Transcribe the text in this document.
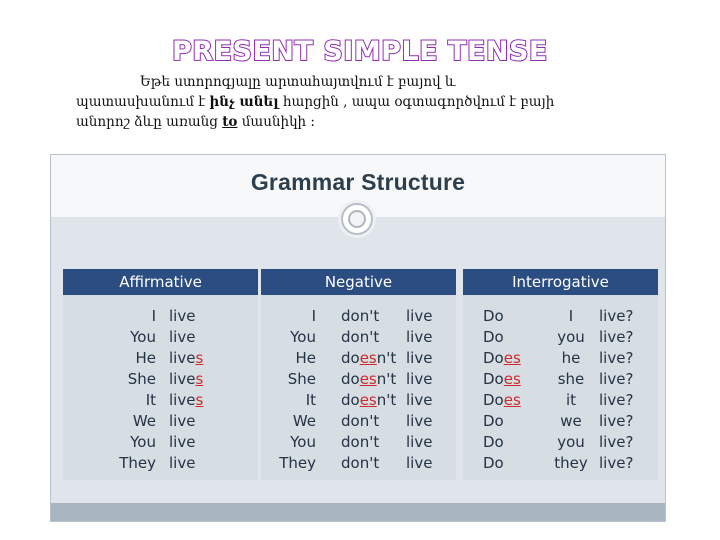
PRESENT SIMPLE TENSE

Եթե ստորոգյալը արտահայտվում է բայով և

պատասխանում է ինչ անել հարցին , ապա օգտագործվում է բայի

անորոշ ձևը առանց to մասնիկի :

Grammar Structure
Affirmative
I live
You live
He lives
She lives
It lives
We live
You live
They live
Negative
I don't live
You don't live
He doesn't live
She doesn't live
It doesn't live
We don't live
You don't live
They don't live
Interrogative
Do	I	live?
Do	you live?
Does	he	live?
Does	she live?
Does	it	live?
Do	we	live?
Do	you live?
Do	they live?
